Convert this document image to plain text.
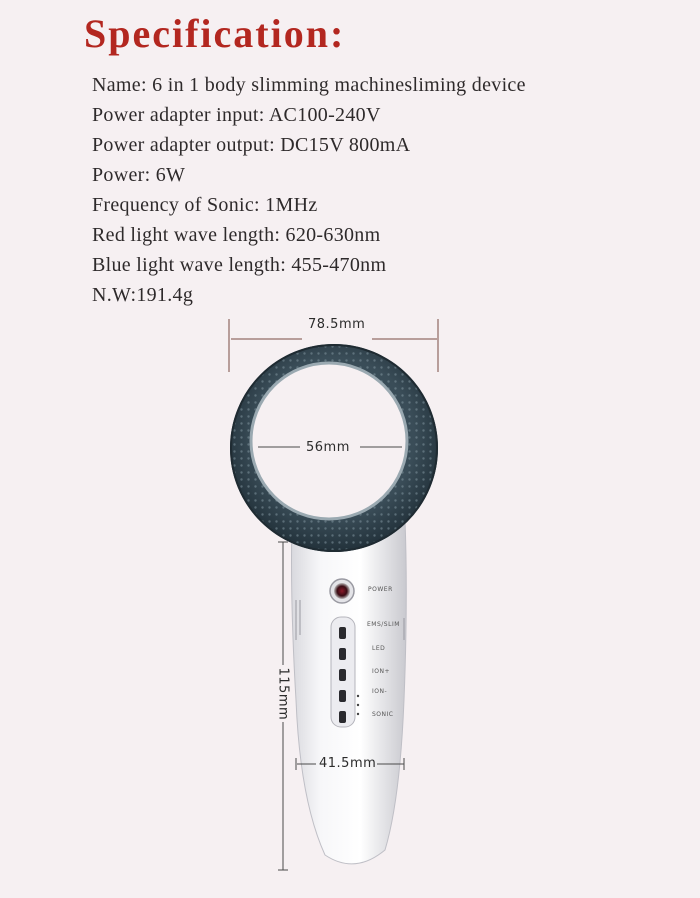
Specification:
Name: 6 in 1 body slimming machinesliming device
Power adapter input: AC100-240V
Power adapter output: DC15V 800mA
Power: 6W
Frequency of Sonic: 1MHz
Red light wave length: 620-630nm
Blue light wave length: 455-470nm
N.W:191.4g
78.5mm
56mm
115mm
41.5mm
POWER
EMS/SLIM
LED
ION+
ION-
SONIC
